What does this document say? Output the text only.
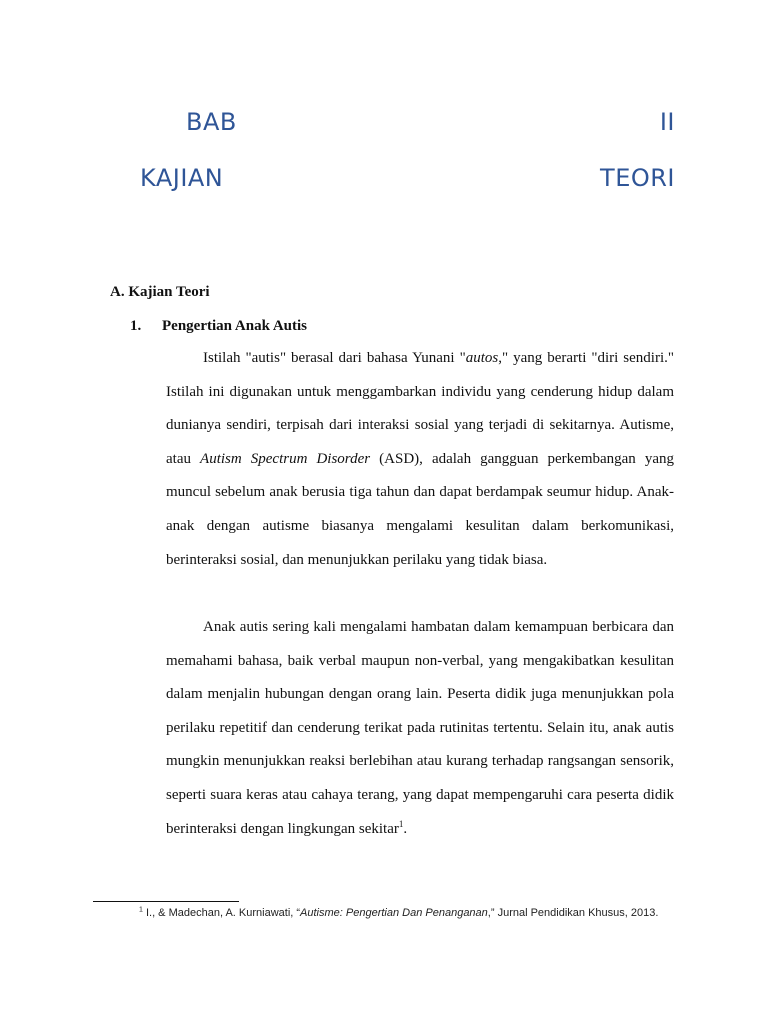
BAB	II
KAJIAN	TEORI
A. Kajian Teori
1. Pengertian Anak Autis

Istilah "autis" berasal dari bahasa Yunani "autos," yang berarti "diri sendiri." Istilah ini digunakan untuk menggambarkan individu yang cenderung hidup dalam dunianya sendiri, terpisah dari interaksi sosial yang terjadi di sekitarnya. Autisme, atau Autism Spectrum Disorder (ASD), adalah gangguan perkembangan yang muncul sebelum anak berusia tiga tahun dan dapat berdampak seumur hidup. Anak-anak dengan autisme biasanya mengalami kesulitan dalam berkomunikasi, berinteraksi sosial, dan menunjukkan perilaku yang tidak biasa.

Anak autis sering kali mengalami hambatan dalam kemampuan berbicara dan memahami bahasa, baik verbal maupun non-verbal, yang mengakibatkan kesulitan dalam menjalin hubungan dengan orang lain. Peserta didik juga menunjukkan pola perilaku repetitif dan cenderung terikat pada rutinitas tertentu. Selain itu, anak autis mungkin menunjukkan reaksi berlebihan atau kurang terhadap rangsangan sensorik, seperti suara keras atau cahaya terang, yang dapat mempengaruhi cara peserta didik berinteraksi dengan lingkungan sekitar$^1$.

$^1$ I., & Madechan, A. Kurniawati, “Autisme: Pengertian Dan Penanganan,” Jurnal Pendidikan Khusus, 2013.
